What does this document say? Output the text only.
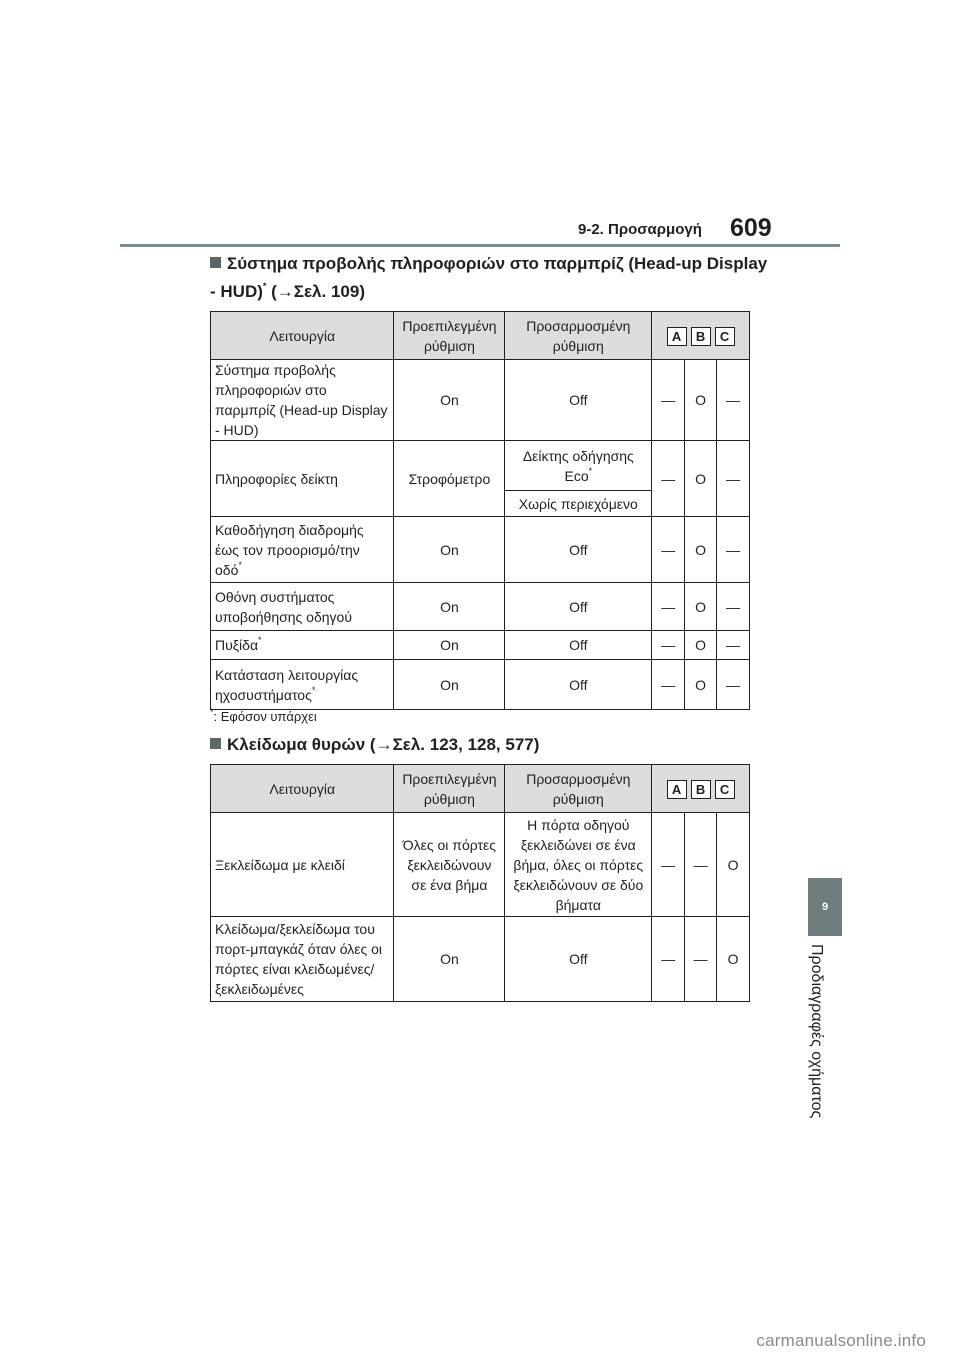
9-2. Προσαρμογή 609
Σύστημα προβολής πληροφοριών στο παρμπρίζ (Head-up Display
- HUD)* (→Σελ. 109)
Λειτουργία	Προεπιλεγμένη ρύθμιση	Προσαρμοσμένη ρύθμιση	A B C		
Σύστημα προβολής πληροφοριών στο παρμπρίζ (Head-up Display - HUD)	On	Off	—	O	—
Πληροφορίες δείκτη	Στροφόμετρο	Δείκτης οδήγησης Eco*	—	O	—
		Χωρίς περιεχόμενο			
Καθοδήγηση διαδρομής έως τον προορισμό/την οδό*	On	Off	—	O	—
Οθόνη συστήματος υποβοήθησης οδηγού	On	Off	—	O	—
Πυξίδα*	On	Off	—	O	—
Κατάσταση λειτουργίας ηχοσυστήματος*	On	Off	—	O	—
*: Εφόσον υπάρχει
Κλείδωμα θυρών (→Σελ. 123, 128, 577)
Λειτουργία	Προεπιλεγμένη ρύθμιση	Προσαρμοσμένη ρύθμιση	A B C		
Ξεκλείδωμα με κλειδί	Όλες οι πόρτες ξεκλειδώνουν σε ένα βήμα	Η πόρτα οδηγού ξεκλειδώνει σε ένα βήμα, όλες οι πόρτες ξεκλειδώνουν σε δύο βήματα	—	—	O
Κλείδωμα/ξεκλείδωμα του πορτ-μπαγκάζ όταν όλες οι πόρτες είναι κλειδωμένες/ξεκλειδωμένες	On	Off	—	—	O
9
Προδιαγραφές οχήματος
carmanualsonline.info
